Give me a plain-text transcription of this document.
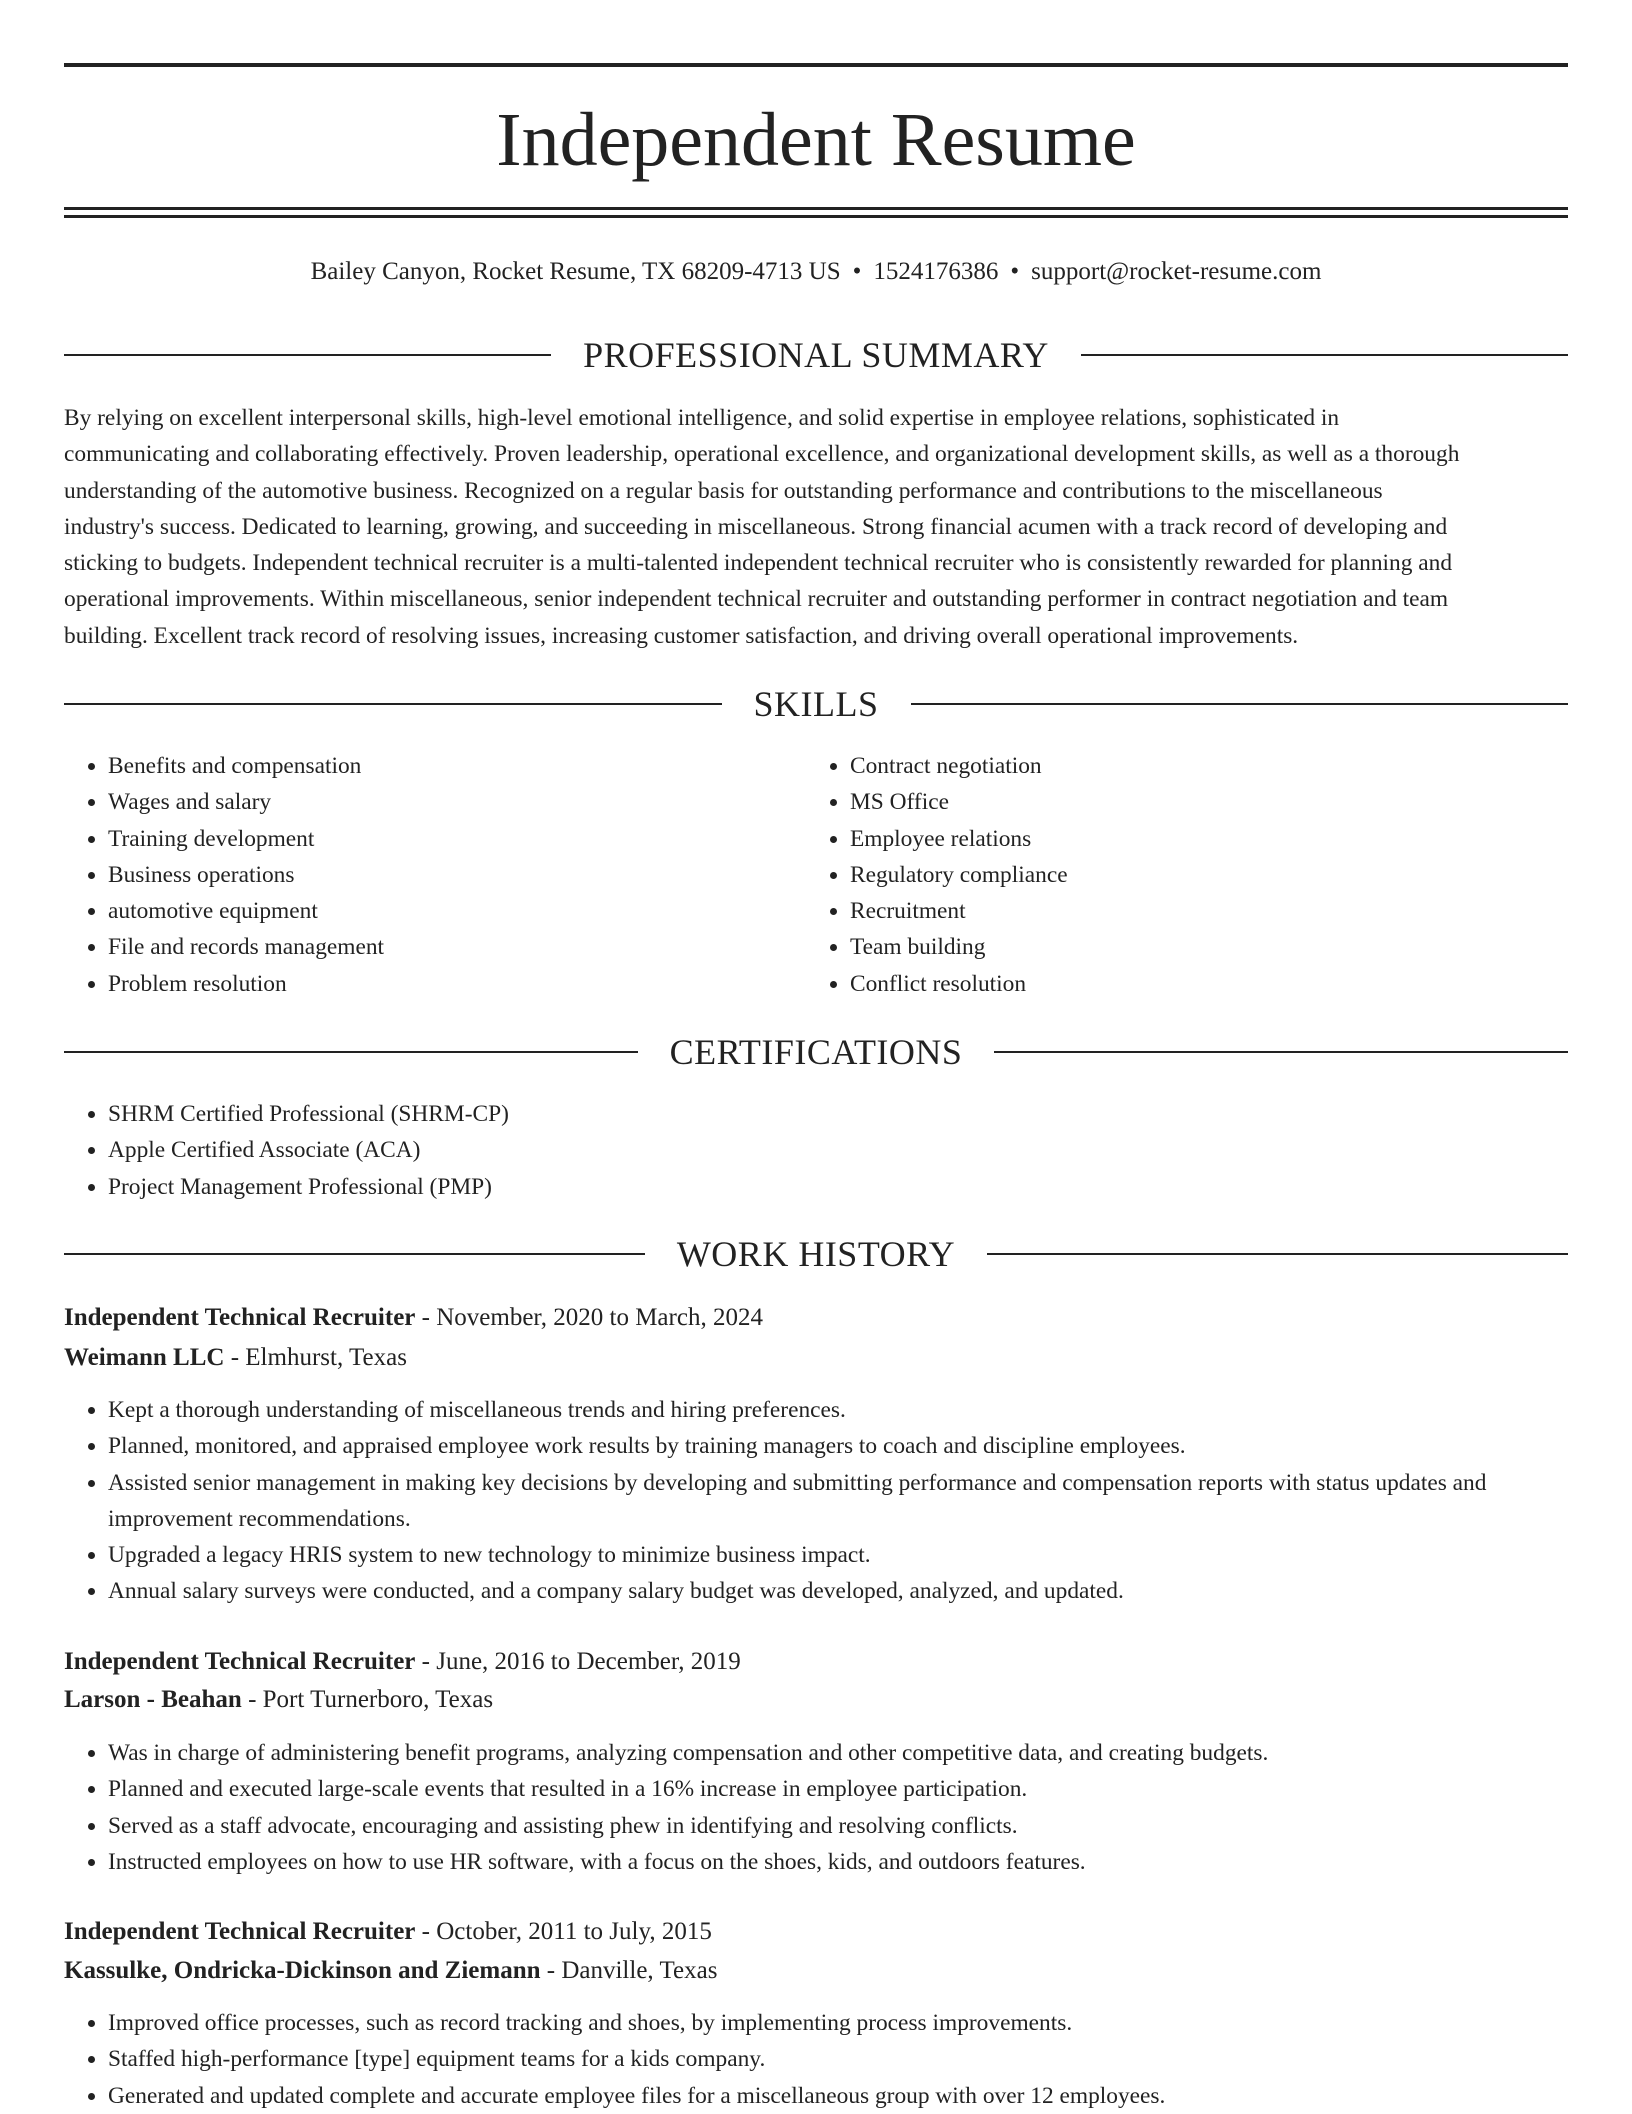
Independent Resume

Bailey Canyon, Rocket Resume, TX 68209-4713 US • 1524176386 • support@rocket-resume.com

PROFESSIONAL SUMMARY
By relying on excellent interpersonal skills, high-level emotional intelligence, and solid expertise in employee relations, sophisticated in
communicating and collaborating effectively. Proven leadership, operational excellence, and organizational development skills, as well as a thorough
understanding of the automotive business. Recognized on a regular basis for outstanding performance and contributions to the miscellaneous
industry's success. Dedicated to learning, growing, and succeeding in miscellaneous. Strong financial acumen with a track record of developing and
sticking to budgets. Independent technical recruiter is a multi-talented independent technical recruiter who is consistently rewarded for planning and
operational improvements. Within miscellaneous, senior independent technical recruiter and outstanding performer in contract negotiation and team
building. Excellent track record of resolving issues, increasing customer satisfaction, and driving overall operational improvements.
SKILLS
• Benefits and compensation
• Wages and salary
• Training development
• Business operations
• automotive equipment
• File and records management
• Problem resolution
• Contract negotiation
• MS Office
• Employee relations
• Regulatory compliance
• Recruitment
• Team building
• Conflict resolution
CERTIFICATIONS
• SHRM Certified Professional (SHRM-CP)
• Apple Certified Associate (ACA)
• Project Management Professional (PMP)
WORK HISTORY

Independent Technical Recruiter - November, 2020 to March, 2024

Weimann LLC - Elmhurst, Texas

• Kept a thorough understanding of miscellaneous trends and hiring preferences.
• Planned, monitored, and appraised employee work results by training managers to coach and discipline employees.
• Assisted senior management in making key decisions by developing and submitting performance and compensation reports with status updates and improvement recommendations.
• Upgraded a legacy HRIS system to new technology to minimize business impact.
• Annual salary surveys were conducted, and a company salary budget was developed, analyzed, and updated.

Independent Technical Recruiter - June, 2016 to December, 2019

Larson - Beahan - Port Turnerboro, Texas

• Was in charge of administering benefit programs, analyzing compensation and other competitive data, and creating budgets.
• Planned and executed large-scale events that resulted in a 16% increase in employee participation.
• Served as a staff advocate, encouraging and assisting phew in identifying and resolving conflicts.
• Instructed employees on how to use HR software, with a focus on the shoes, kids, and outdoors features.

Independent Technical Recruiter - October, 2011 to July, 2015

Kassulke, Ondricka-Dickinson and Ziemann - Danville, Texas

• Improved office processes, such as record tracking and shoes, by implementing process improvements.
• Staffed high-performance [type] equipment teams for a kids company.
• Generated and updated complete and accurate employee files for a miscellaneous group with over 12 employees.
